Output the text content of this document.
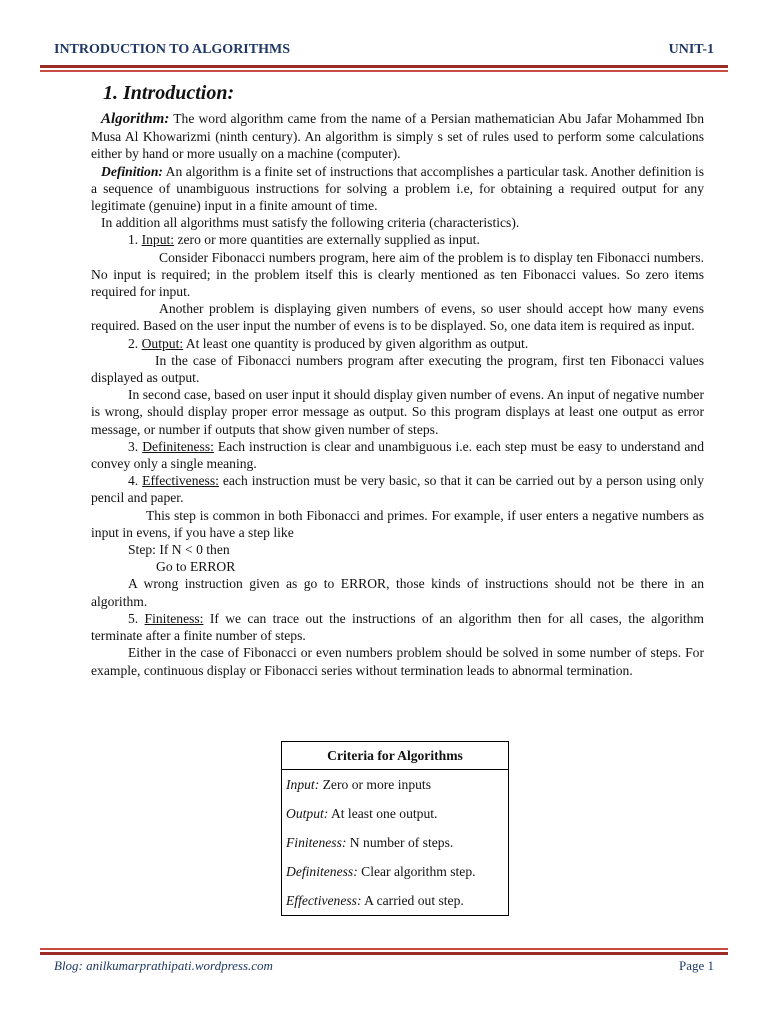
INTRODUCTION TO ALGORITHMS	UNIT-1
1. Introduction:

Algorithm: The word algorithm came from the name of a Persian mathematician Abu Jafar Mohammed Ibn Musa Al Khowarizmi (ninth century). An algorithm is simply s set of rules used to perform some calculations either by hand or more usually on a machine (computer).

Definition: An algorithm is a finite set of instructions that accomplishes a particular task. Another definition is a sequence of unambiguous instructions for solving a problem i.e, for obtaining a required output for any legitimate (genuine) input in a finite amount of time.

In addition all algorithms must satisfy the following criteria (characteristics).

1. Input: zero or more quantities are externally supplied as input.

Consider Fibonacci numbers program, here aim of the problem is to display ten Fibonacci numbers. No input is required; in the problem itself this is clearly mentioned as ten Fibonacci values. So zero items required for input.

Another problem is displaying given numbers of evens, so user should accept how many evens required. Based on the user input the number of evens is to be displayed. So, one data item is required as input.

2. Output: At least one quantity is produced by given algorithm as output.

In the case of Fibonacci numbers program after executing the program, first ten Fibonacci values displayed as output.

In second case, based on user input it should display given number of evens. An input of negative number is wrong, should display proper error message as output. So this program displays at least one output as error message, or number if outputs that show given number of steps.

3. Definiteness: Each instruction is clear and unambiguous i.e. each step must be easy to understand and convey only a single meaning.

4. Effectiveness: each instruction must be very basic, so that it can be carried out by a person using only pencil and paper.

This step is common in both Fibonacci and primes. For example, if user enters a negative numbers as input in evens, if you have a step like

Step: If N < 0 then

Go to ERROR

A wrong instruction given as go to ERROR, those kinds of instructions should not be there in an algorithm.

5. Finiteness: If we can trace out the instructions of an algorithm then for all cases, the algorithm terminate after a finite number of steps.

Either in the case of Fibonacci or even numbers problem should be solved in some number of steps. For example, continuous display or Fibonacci series without termination leads to abnormal termination.

Criteria for Algorithms
Input: Zero or more inputs
Output: At least one output.
Finiteness: N number of steps.
Definiteness: Clear algorithm step.
Effectiveness: A carried out step.
Blog: anilkumarprathipati.wordpress.com	Page 1
